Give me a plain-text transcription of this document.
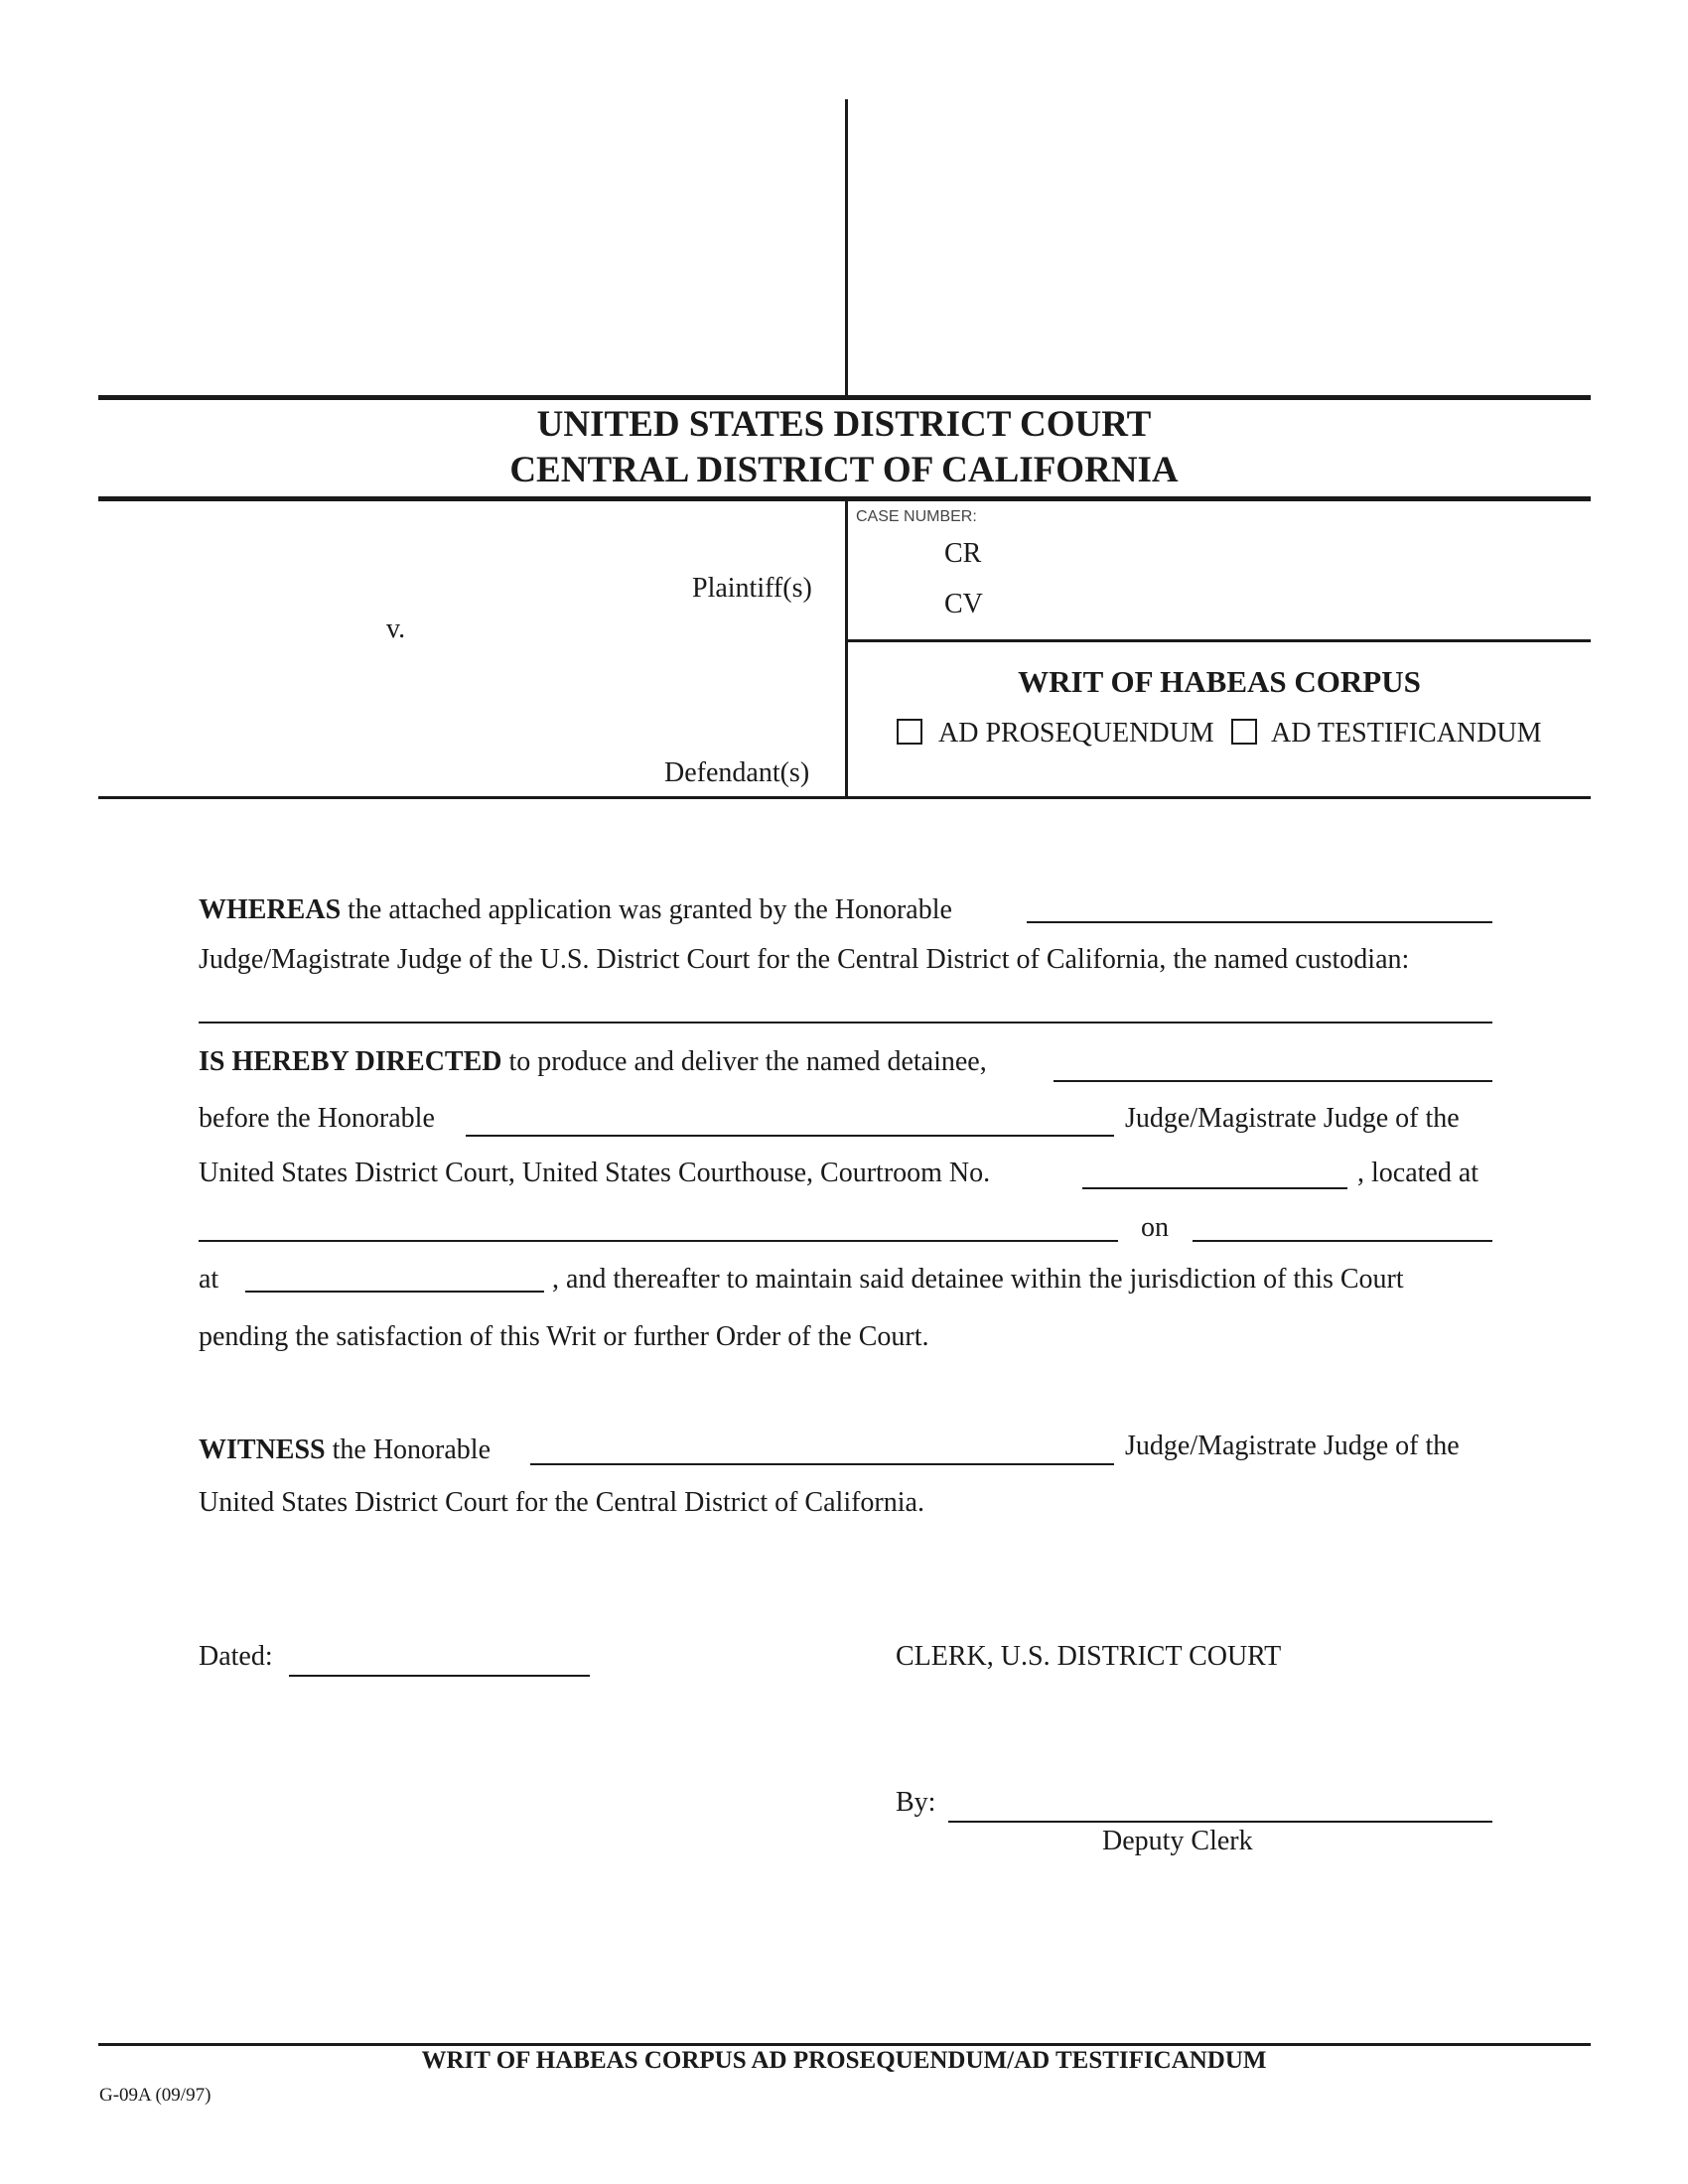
UNITED STATES DISTRICT COURT
CENTRAL DISTRICT OF CALIFORNIA
Plaintiff(s)
v.
Defendant(s)
CASE NUMBER:
CR
CV
WRIT OF HABEAS CORPUS
AD PROSEQUENDUM AD TESTIFICANDUM
WHEREAS the attached application was granted by the Honorable
Judge/Magistrate Judge of the U.S. District Court for the Central District of California, the named custodian:
IS HEREBY DIRECTED to produce and deliver the named detainee,
before the Honorable	Judge/Magistrate Judge of the
United States District Court, United States Courthouse, Courtroom No.	, located at
on
at	, and thereafter to maintain said detainee within the jurisdiction of this Court
pending the satisfaction of this Writ or further Order of the Court.
WITNESS the Honorable	Judge/Magistrate Judge of the
United States District Court for the Central District of California.
Dated:	CLERK, U.S. DISTRICT COURT
By:
Deputy Clerk
WRIT OF HABEAS CORPUS AD PROSEQUENDUM/AD TESTIFICANDUM
G-09A (09/97)
